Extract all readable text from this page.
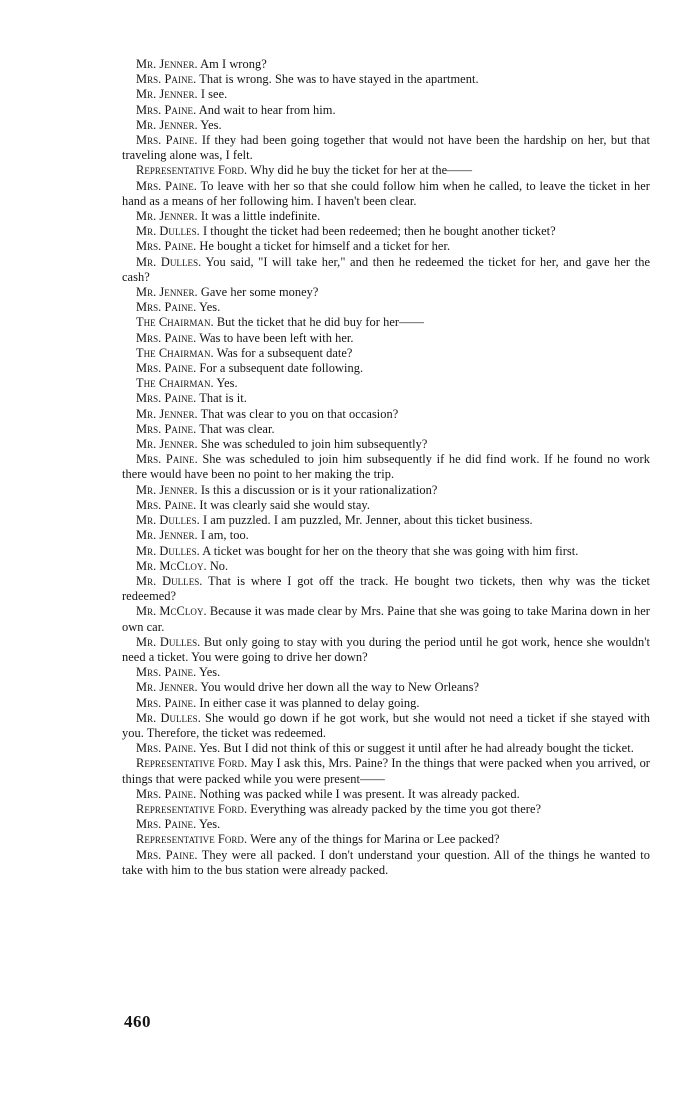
Mr. Jenner. Am I wrong?

Mrs. Paine. That is wrong. She was to have stayed in the apartment.

Mr. Jenner. I see.

Mrs. Paine. And wait to hear from him.

Mr. Jenner. Yes.

Mrs. Paine. If they had been going together that would not have been the hardship on her, but that traveling alone was, I felt.

Representative Ford. Why did he buy the ticket for her at the——

Mrs. Paine. To leave with her so that she could follow him when he called, to leave the ticket in her hand as a means of her following him. I haven't been clear.

Mr. Jenner. It was a little indefinite.

Mr. Dulles. I thought the ticket had been redeemed; then he bought another ticket?

Mrs. Paine. He bought a ticket for himself and a ticket for her.

Mr. Dulles. You said, "I will take her," and then he redeemed the ticket for her, and gave her the cash?

Mr. Jenner. Gave her some money?

Mrs. Paine. Yes.

The Chairman. But the ticket that he did buy for her——

Mrs. Paine. Was to have been left with her.

The Chairman. Was for a subsequent date?

Mrs. Paine. For a subsequent date following.

The Chairman. Yes.

Mrs. Paine. That is it.

Mr. Jenner. That was clear to you on that occasion?

Mrs. Paine. That was clear.

Mr. Jenner. She was scheduled to join him subsequently?

Mrs. Paine. She was scheduled to join him subsequently if he did find work. If he found no work there would have been no point to her making the trip.

Mr. Jenner. Is this a discussion or is it your rationalization?

Mrs. Paine. It was clearly said she would stay.

Mr. Dulles. I am puzzled. I am puzzled, Mr. Jenner, about this ticket business.

Mr. Jenner. I am, too.

Mr. Dulles. A ticket was bought for her on the theory that she was going with him first.

Mr. McCloy. No.

Mr. Dulles. That is where I got off the track. He bought two tickets, then why was the ticket redeemed?

Mr. McCloy. Because it was made clear by Mrs. Paine that she was going to take Marina down in her own car.

Mr. Dulles. But only going to stay with you during the period until he got work, hence she wouldn't need a ticket. You were going to drive her down?

Mrs. Paine. Yes.

Mr. Jenner. You would drive her down all the way to New Orleans?

Mrs. Paine. In either case it was planned to delay going.

Mr. Dulles. She would go down if he got work, but she would not need a ticket if she stayed with you. Therefore, the ticket was redeemed.

Mrs. Paine. Yes. But I did not think of this or suggest it until after he had already bought the ticket.

Representative Ford. May I ask this, Mrs. Paine? In the things that were packed when you arrived, or things that were packed while you were present——

Mrs. Paine. Nothing was packed while I was present. It was already packed.

Representative Ford. Everything was already packed by the time you got there?

Mrs. Paine. Yes.

Representative Ford. Were any of the things for Marina or Lee packed?

Mrs. Paine. They were all packed. I don't understand your question. All of the things he wanted to take with him to the bus station were already packed.

460
